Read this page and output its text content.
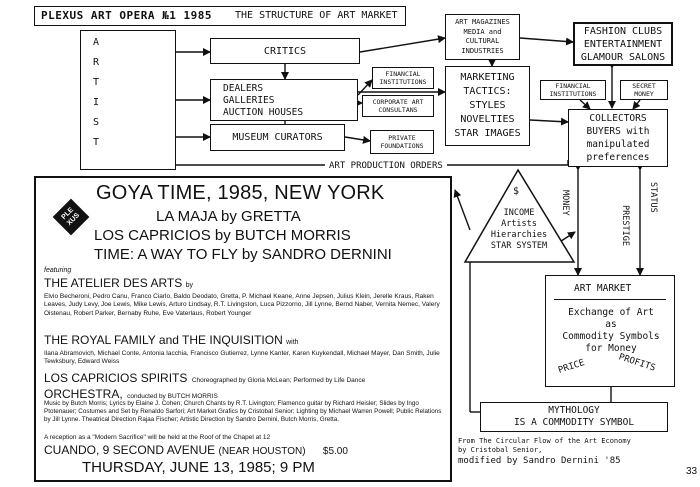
PLEXUS ART OPERA №1 1985 THE STRUCTURE OF ART MARKET
A
R
T
I
S
T
CRITICS
DEALERS
GALLERIES
AUCTION HOUSES
MUSEUM CURATORS
FINANCIAL
INSTITUTIONS
CORPORATE ART
CONSULTANS
PRIVATE
FOUNDATIONS
ART MAGAZINES
MEDIA and
CULTURAL
INDUSTRIES
FASHION CLUBS
ENTERTAINMENT
GLAMOUR SALONS
MARKETING
TACTICS:
STYLES
NOVELTIES
STAR IMAGES
FINANCIAL
INSTITUTIONS
SECRET
MONEY
COLLECTORS
BUYERS with
manipulated
preferences
ART PRODUCTION ORDERS
$
INCOME
Artists
Hierarchies
STAR SYSTEM
MONEY	STATUS
PRESTIGE
ART MARKET
Exchange of Art
as
Commodity Symbols
for Money
PRICE	PROFITS
MYTHOLOGY
IS A COMMODITY SYMBOL
From The Circular Flow of the Art Economy
by Cristobal Senior,
modified by Sandro Dernini '85
33
PLE
XUS
GOYA TIME, 1985, NEW YORK
LA MAJA by GRETTA
LOS CAPRICIOS by BUTCH MORRIS
TIME: A WAY TO FLY by SANDRO DERNINI
featuring
THE ATELIER DES ARTS by
Elvio Becheroni, Pedro Canu, Franco Ciarlo, Baldo Deodato, Gretta, P. Michael Keane, Anne Jepsen, Julius Klein, Jerelle Kraus, Raken Leaves, Judy Levy, Joe Lewis, Mike Lewis, Arturo Lindsay, R.T. Livingston, Luca Pizzorno, Jill Lynne, Bernd Naber, Vernita Nemec, Valery Oistenau, Robert Parker, Bernaby Ruhe, Eve Vaterlaus, Robert Younger
THE ROYAL FAMILY and THE INQUISITION with
Ilana Abramovich, Michael Conte, Antonia Iacchia, Francisco Gutierrez, Lynne Kanter, Karen Kuykendall, Michael Mayer, Dan Smith, Julie Tewksbury, Edward Weiss
LOS CAPRICIOS SPIRITS Choreographed by Gloria McLean; Performed by Life Dance
ORCHESTRA, conducted by BUTCH MORRIS
Music by Butch Morris; Lyrics by Elaine J. Cohen; Church Chants by R.T. Livington; Flamenco guitar by Richard Heisler; Slides by Ingo Ptotenauer; Costumes and Set by Renaldo Sarfori; Art Market Grafics by Cristobal Senior; Lighting by Michael Warren Powell; Public Relations by Jill Lynne. Theatrical Direction Rajaa Fischer; Artistic Direction by Sandro Dernini, Butch Morris, Gretta.
A reception as a "Modern Sacrifice" will be held at the Roof of the Chapel at 12
CUANDO, 9 SECOND AVENUE (NEAR HOUSTON) $5.00
THURSDAY, JUNE 13, 1985; 9 PM
